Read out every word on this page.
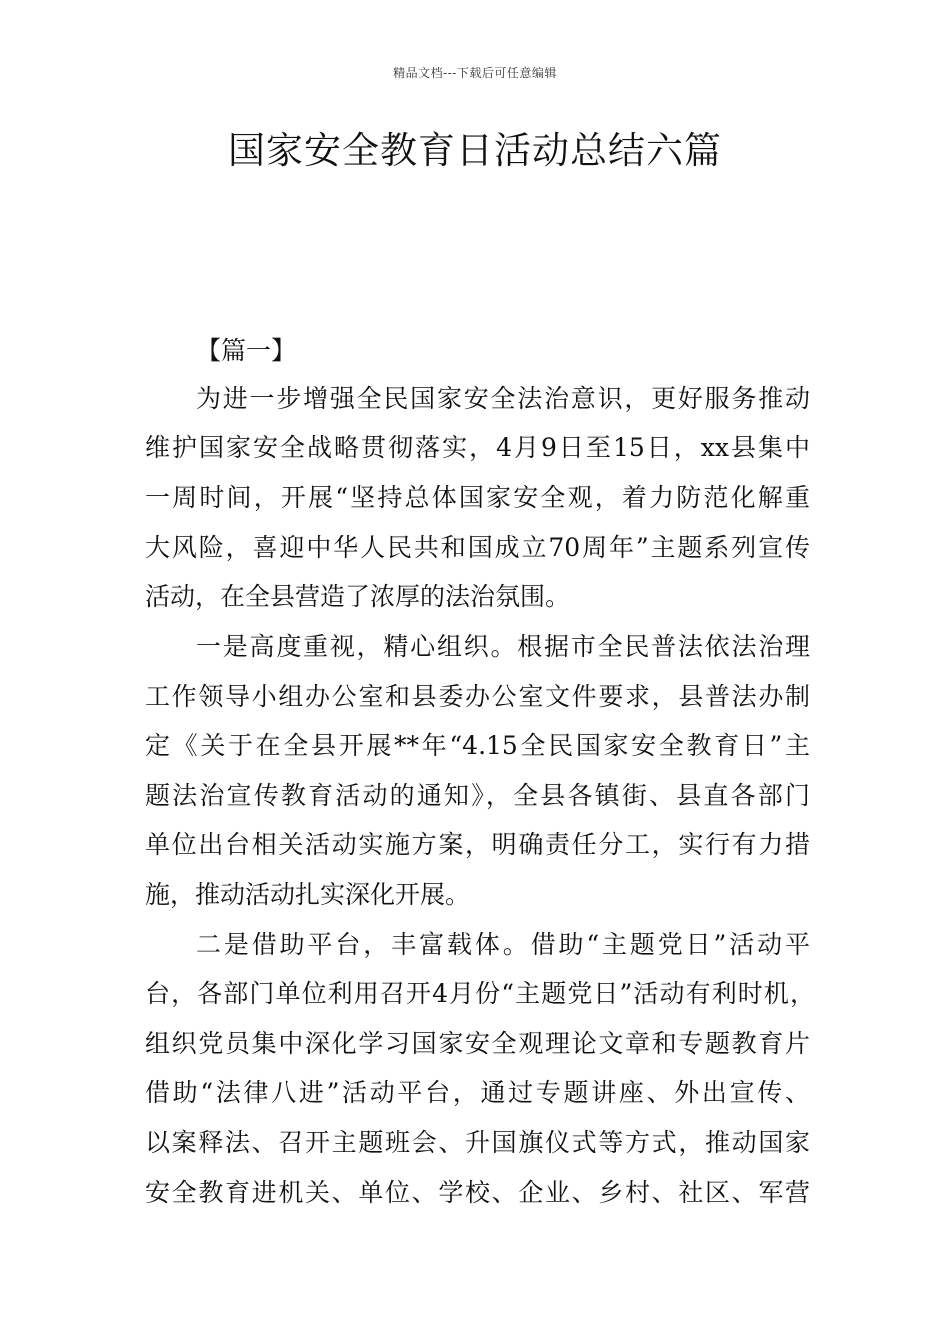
精品文档---下载后可任意编辑
国家安全教育日活动总结六篇
【篇一】
为进一步增强全民国家安全法治意识，更好服务推动
维护国家安全战略贯彻落实，4月9日至15日，xx县集中
一周时间，开展“坚持总体国家安全观，着力防范化解重
大风险，喜迎中华人民共和国成立70周年”主题系列宣传
活动，在全县营造了浓厚的法治氛围。
一是高度重视，精心组织。根据市全民普法依法治理
工作领导小组办公室和县委办公室文件要求，县普法办制
定《关于在全县开展**年“4.15全民国家安全教育日”主
题法治宣传教育活动的通知》，全县各镇街、县直各部门
单位出台相关活动实施方案，明确责任分工，实行有力措
施，推动活动扎实深化开展。
二是借助平台，丰富载体。借助“主题党日”活动平
台，各部门单位利用召开4月份“主题党日”活动有利时机，
组织党员集中深化学习国家安全观理论文章和专题教育片
借助“法律八进”活动平台，通过专题讲座、外出宣传、
以案释法、召开主题班会、升国旗仪式等方式，推动国家
安全教育进机关、单位、学校、企业、乡村、社区、军营
